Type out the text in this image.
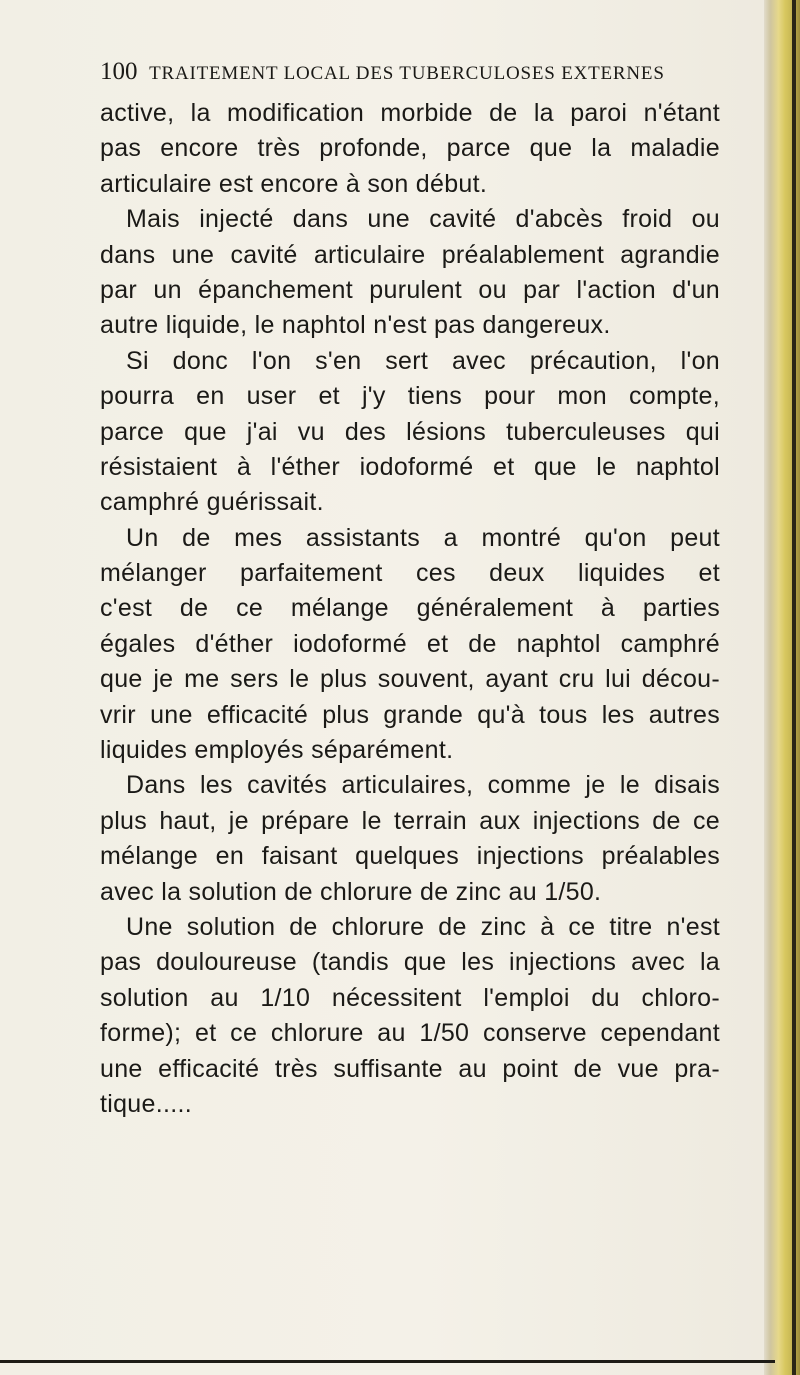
100 TRAITEMENT LOCAL DES TUBERCULOSES EXTERNES
active, la modification morbide de la paroi n'étant
pas encore très profonde, parce que la maladie
articulaire est encore à son début.
Mais injecté dans une cavité d'abcès froid ou
dans une cavité articulaire préalablement agrandie
par un épanchement purulent ou par l'action d'un
autre liquide, le naphtol n'est pas dangereux.
Si donc l'on s'en sert avec précaution, l'on
pourra en user et j'y tiens pour mon compte,
parce que j'ai vu des lésions tuberculeuses qui
résistaient à l'éther iodoformé et que le naphtol
camphré guérissait.
Un de mes assistants a montré qu'on peut
mélanger parfaitement ces deux liquides et
c'est de ce mélange généralement à parties
égales d'éther iodoformé et de naphtol camphré
que je me sers le plus souvent, ayant cru lui décou-
vrir une efficacité plus grande qu'à tous les autres
liquides employés séparément.
Dans les cavités articulaires, comme je le disais
plus haut, je prépare le terrain aux injections de ce
mélange en faisant quelques injections préalables
avec la solution de chlorure de zinc au 1/50.
Une solution de chlorure de zinc à ce titre n'est
pas douloureuse (tandis que les injections avec la
solution au 1/10 nécessitent l'emploi du chloro-
forme); et ce chlorure au 1/50 conserve cependant
une efficacité très suffisante au point de vue pra-
tique.....
